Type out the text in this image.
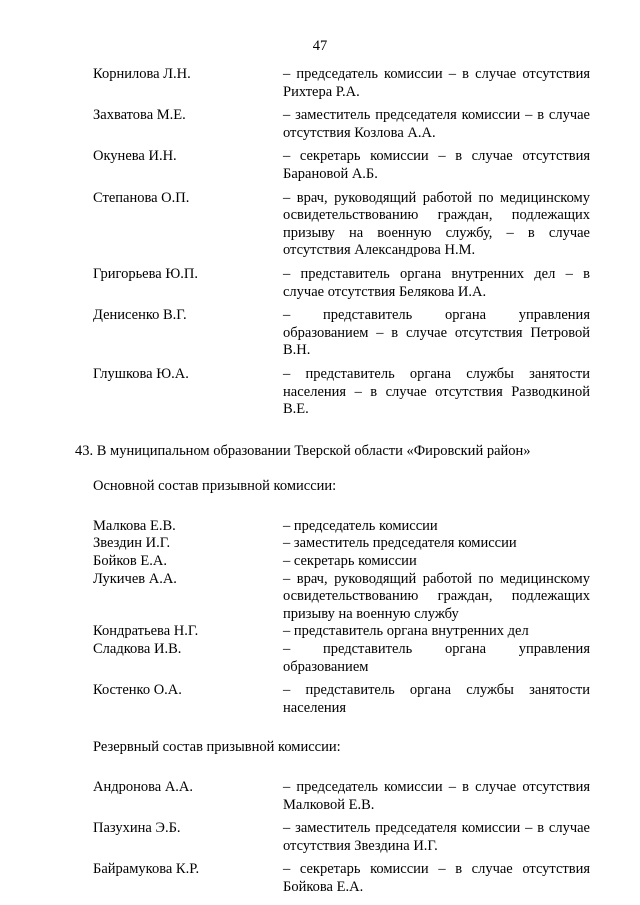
47
Корнилова Л.Н.	– председатель комиссии – в случае отсутствия Рихтера Р.А.
Захватова М.Е.	– заместитель председателя комиссии – в случае отсутствия Козлова А.А.
Окунева И.Н.	– секретарь комиссии – в случае отсутствия Барановой А.Б.
Степанова О.П.	– врач, руководящий работой по медицинскому освидетельствованию граждан, подлежащих призыву на военную службу, – в случае отсутствия Александрова Н.М.
Григорьева Ю.П.	– представитель органа внутренних дел – в случае отсутствия Белякова И.А.
Денисенко В.Г.	– представитель органа управления образованием – в случае отсутствия Петровой В.Н.
Глушкова Ю.А.	– представитель органа службы занятости населения – в случае отсутствия Разводкиной В.Е.
43. В муниципальном образовании Тверской области «Фировский район»
Основной состав призывной комиссии:
Малкова Е.В.	– председатель комиссии
Звездин И.Г.	– заместитель председателя комиссии
Бойков Е.А.	– секретарь комиссии
Лукичев А.А.	– врач, руководящий работой по медицинскому освидетельствованию граждан, подлежащих призыву на военную службу
Кондратьева Н.Г.	– представитель органа внутренних дел
Сладкова И.В.	– представитель органа управления образованием
Костенко О.А.	– представитель органа службы занятости населения
Резервный состав призывной комиссии:
Андронова А.А.	– председатель комиссии – в случае отсутствия Малковой Е.В.
Пазухина Э.Б.	– заместитель председателя комиссии – в случае отсутствия Звездина И.Г.
Байрамукова К.Р.	– секретарь комиссии – в случае отсутствия Бойкова Е.А.
